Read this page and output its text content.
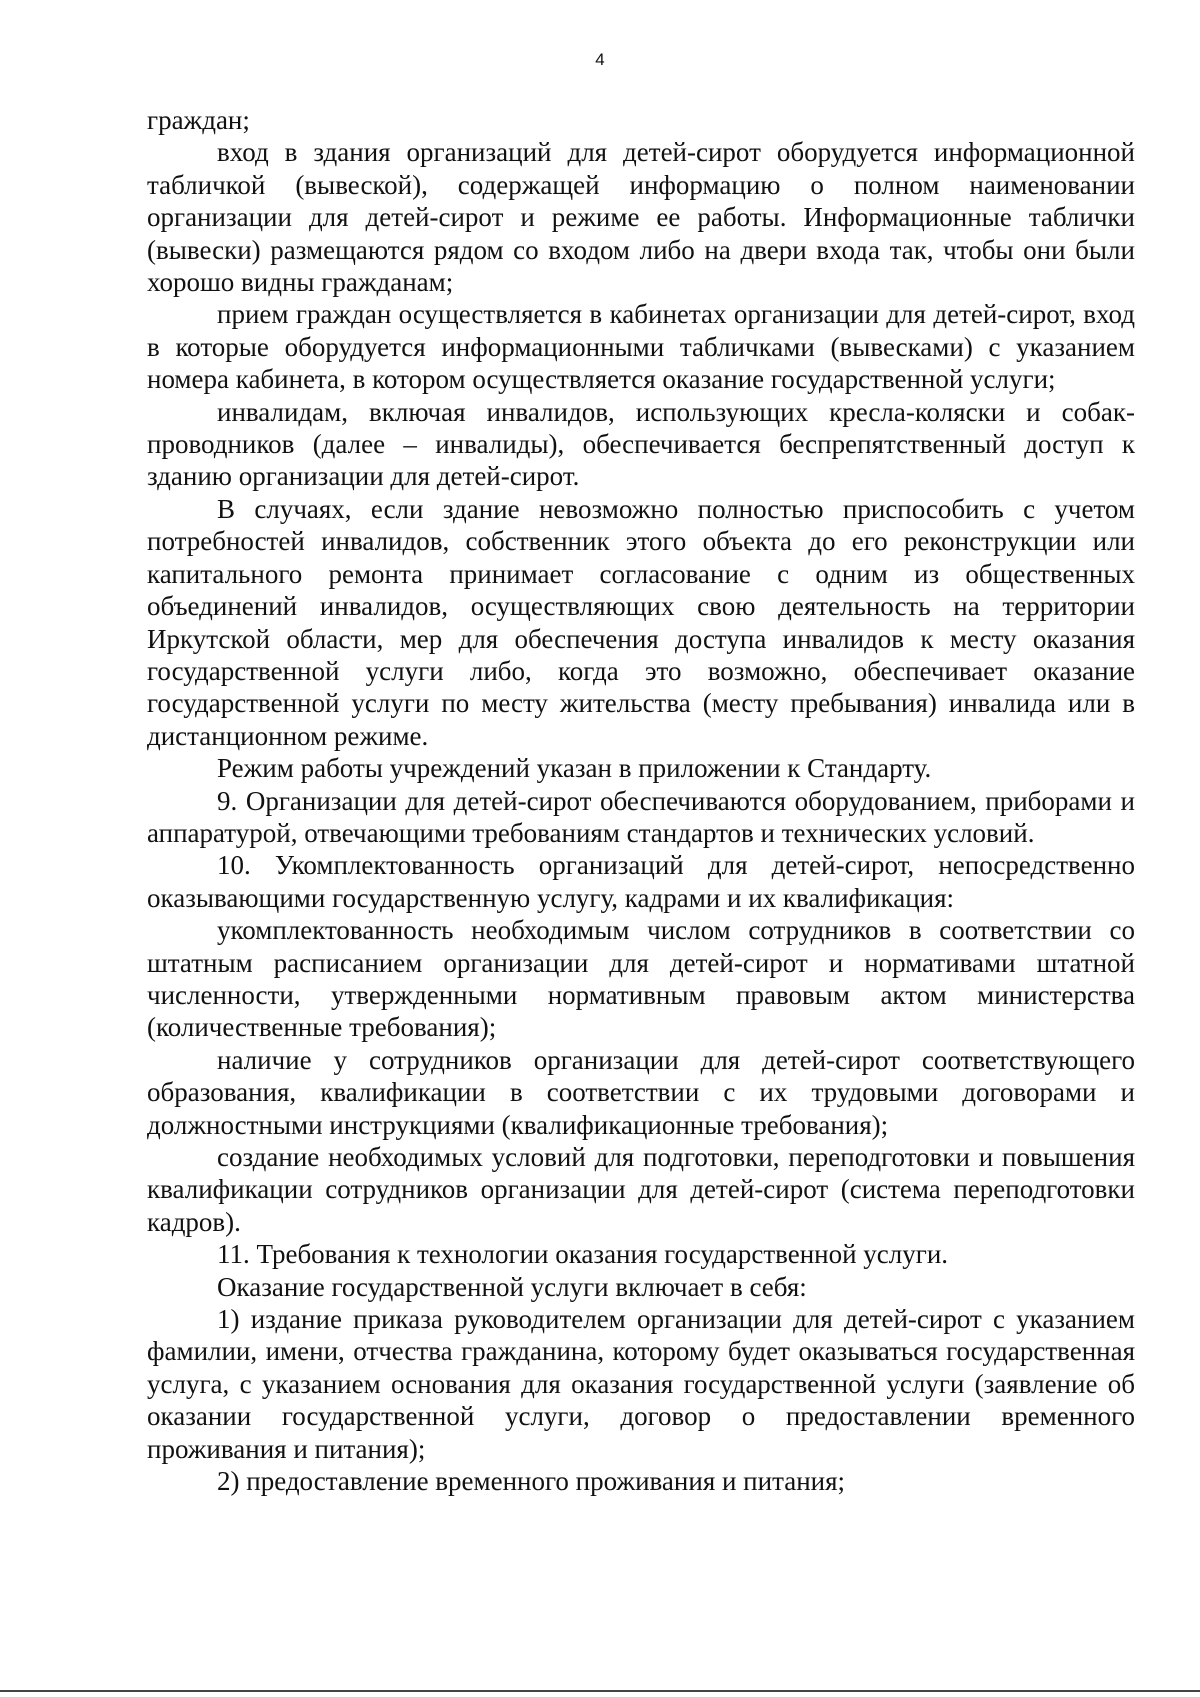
4

граждан;

вход в здания организаций для детей-сирот оборудуется информационной табличкой (вывеской), содержащей информацию о полном наименовании организации для детей-сирот и режиме ее работы. Информационные таблички (вывески) размещаются рядом со входом либо на двери входа так, чтобы они были хорошо видны гражданам;

прием граждан осуществляется в кабинетах организации для детей-сирот, вход в которые оборудуется информационными табличками (вывесками) с указанием номера кабинета, в котором осуществляется оказание государственной услуги;

инвалидам, включая инвалидов, использующих кресла-коляски и собак-проводников (далее – инвалиды), обеспечивается беспрепятственный доступ к зданию организации для детей-сирот.

В случаях, если здание невозможно полностью приспособить с учетом потребностей инвалидов, собственник этого объекта до его реконструкции или капитального ремонта принимает согласование с одним из общественных объединений инвалидов, осуществляющих свою деятельность на территории Иркутской области, мер для обеспечения доступа инвалидов к месту оказания государственной услуги либо, когда это возможно, обеспечивает оказание государственной услуги по месту жительства (месту пребывания) инвалида или в дистанционном режиме.

Режим работы учреждений указан в приложении к Стандарту.

9. Организации для детей-сирот обеспечиваются оборудованием, приборами и аппаратурой, отвечающими требованиям стандартов и технических условий.

10. Укомплектованность организаций для детей-сирот, непосредственно оказывающими государственную услугу, кадрами и их квалификация:

укомплектованность необходимым числом сотрудников в соответствии со штатным расписанием организации для детей-сирот и нормативами штатной численности, утвержденными нормативным правовым актом министерства (количественные требования);

наличие у сотрудников организации для детей-сирот соответствующего образования, квалификации в соответствии с их трудовыми договорами и должностными инструкциями (квалификационные требования);

создание необходимых условий для подготовки, переподготовки и повышения квалификации сотрудников организации для детей-сирот (система переподготовки кадров).

11. Требования к технологии оказания государственной услуги.

Оказание государственной услуги включает в себя:

1) издание приказа руководителем организации для детей-сирот с указанием фамилии, имени, отчества гражданина, которому будет оказываться государственная услуга, с указанием основания для оказания государственной услуги (заявление об оказании государственной услуги, договор о предоставлении временного проживания и питания);

2) предоставление временного проживания и питания;
